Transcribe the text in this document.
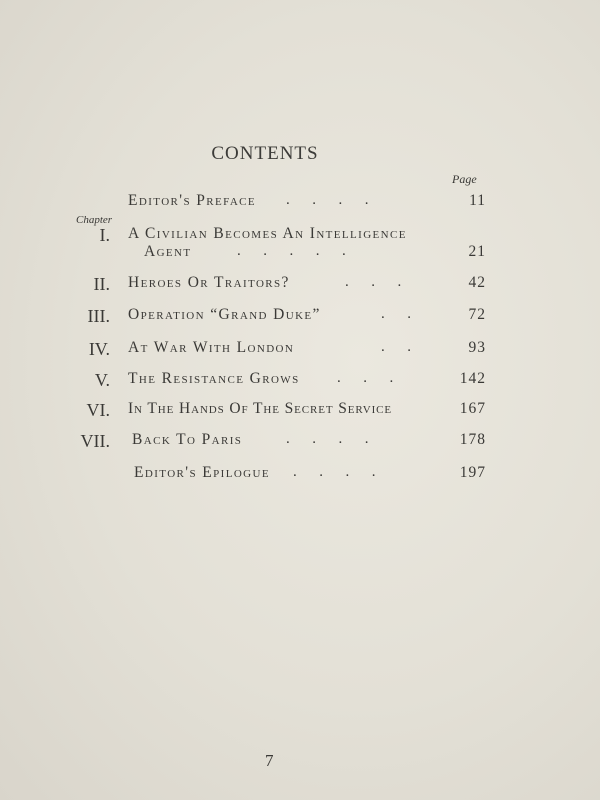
CONTENTS
Page
Chapter
Editor's Preface .      .      .      .	11
I. A Civilian Becomes An Intelligence
Agent	.      .      .      .      .	21
II. Heroes Or Traitors?	.      .      .	42
III. Operation “Grand Duke”	.      .	72
IV. At War With London	.      .	93
V. The Resistance Grows .      .      .	142
VI. In The Hands Of The Secret Service	167
VII. Back To Paris	.      .      .      .	178
Editor's Epilogue .      .      .      .	197
7
